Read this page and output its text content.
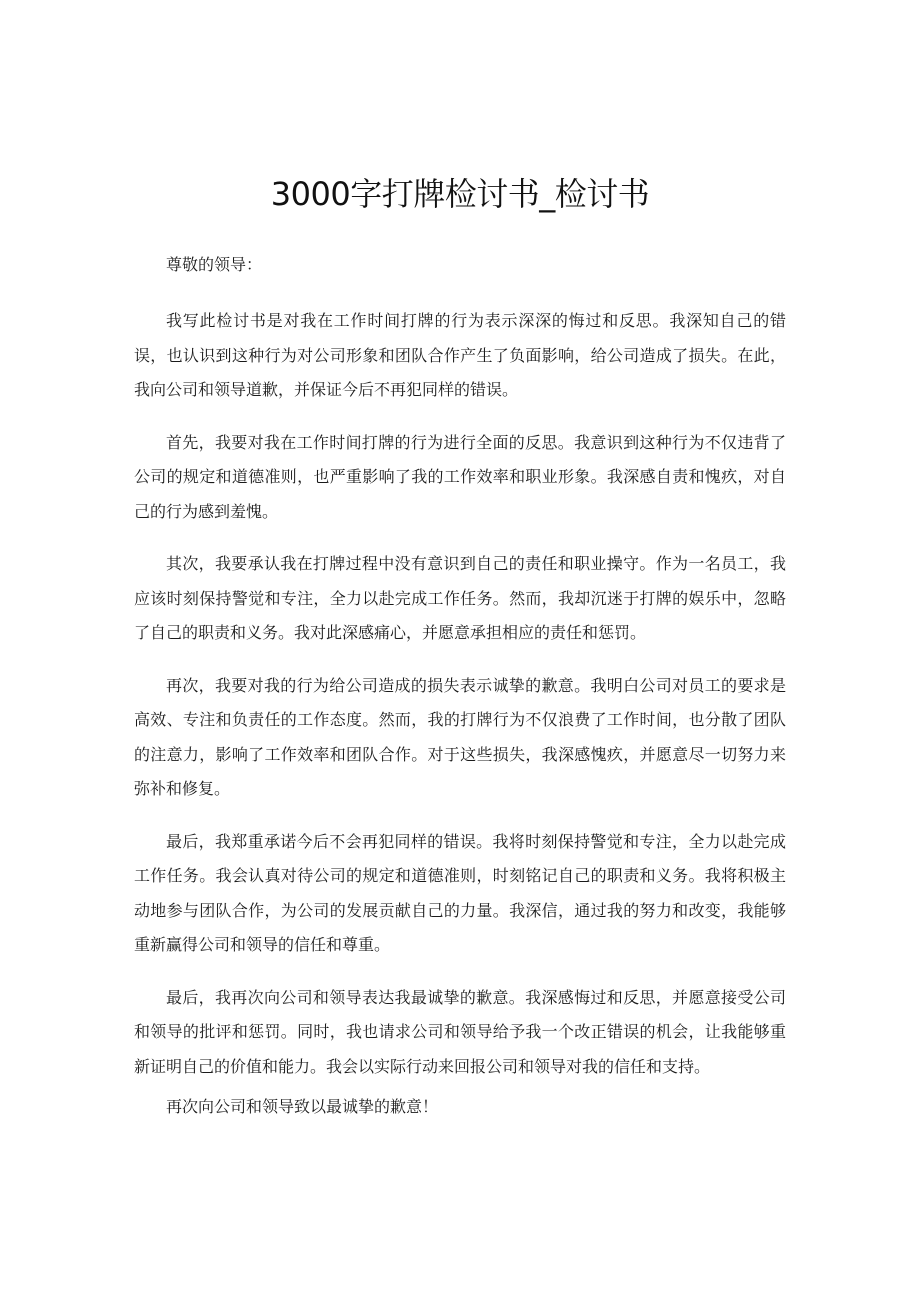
3000字打牌检讨书_检讨书

尊敬的领导：

我写此检讨书是对我在工作时间打牌的行为表示深深的悔过和反思。我深知自己的错误，也认识到这种行为对公司形象和团队合作产生了负面影响，给公司造成了损失。在此，我向公司和领导道歉，并保证今后不再犯同样的错误。

首先，我要对我在工作时间打牌的行为进行全面的反思。我意识到这种行为不仅违背了公司的规定和道德准则，也严重影响了我的工作效率和职业形象。我深感自责和愧疚，对自己的行为感到羞愧。

其次，我要承认我在打牌过程中没有意识到自己的责任和职业操守。作为一名员工，我应该时刻保持警觉和专注，全力以赴完成工作任务。然而，我却沉迷于打牌的娱乐中，忽略了自己的职责和义务。我对此深感痛心，并愿意承担相应的责任和惩罚。

再次，我要对我的行为给公司造成的损失表示诚挚的歉意。我明白公司对员工的要求是高效、专注和负责任的工作态度。然而，我的打牌行为不仅浪费了工作时间，也分散了团队的注意力，影响了工作效率和团队合作。对于这些损失，我深感愧疚，并愿意尽一切努力来弥补和修复。

最后，我郑重承诺今后不会再犯同样的错误。我将时刻保持警觉和专注，全力以赴完成工作任务。我会认真对待公司的规定和道德准则，时刻铭记自己的职责和义务。我将积极主动地参与团队合作，为公司的发展贡献自己的力量。我深信，通过我的努力和改变，我能够重新赢得公司和领导的信任和尊重。

最后，我再次向公司和领导表达我最诚挚的歉意。我深感悔过和反思，并愿意接受公司和领导的批评和惩罚。同时，我也请求公司和领导给予我一个改正错误的机会，让我能够重新证明自己的价值和能力。我会以实际行动来回报公司和领导对我的信任和支持。

再次向公司和领导致以最诚挚的歉意！
